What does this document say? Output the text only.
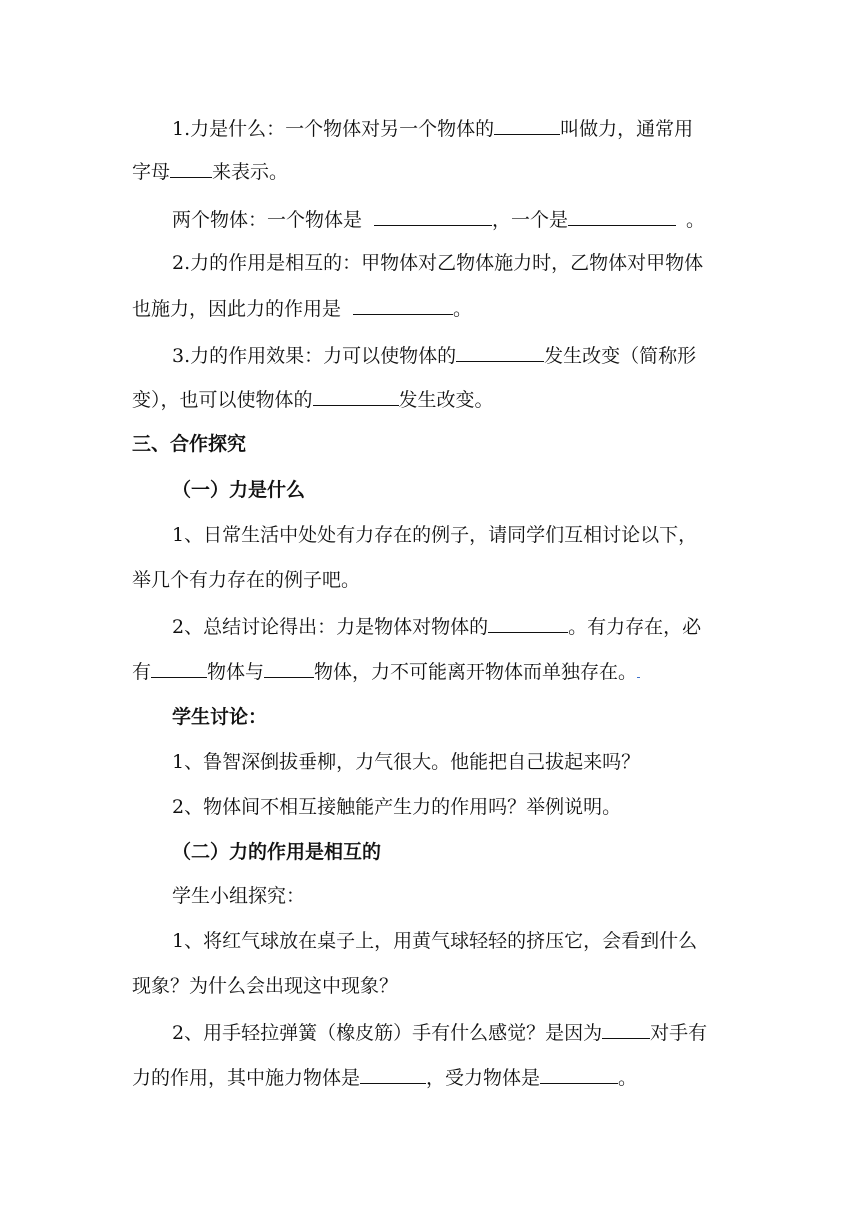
1.力是什么：一个物体对另一个物体的	叫做力，通常用
字母 来表示。
两个物体：一个物体是	，一个是	。
2.力的作用是相互的：甲物体对乙物体施力时，乙物体对甲物体
也施力，因此力的作用是	。
3.力的作用效果：力可以使物体的	发生改变（简称形
变），也可以使物体的	发生改变。
三、合作探究
（一）力是什么
1、日常生活中处处有力存在的例子，请同学们互相讨论以下，
举几个有力存在的例子吧。
2、总结讨论得出：力是物体对物体的	。有力存在，必
有	物体与	物体，力不可能离开物体而单独存在。
学生讨论：
1、鲁智深倒拔垂柳，力气很大。他能把自己拔起来吗？
2、物体间不相互接触能产生力的作用吗？举例说明。
（二）力的作用是相互的
学生小组探究：
1、将红气球放在桌子上，用黄气球轻轻的挤压它，会看到什么
现象？为什么会出现这中现象？
2、用手轻拉弹簧（橡皮筋）手有什么感觉？是因为	对手有
力的作用，其中施力物体是	，受力物体是	。
